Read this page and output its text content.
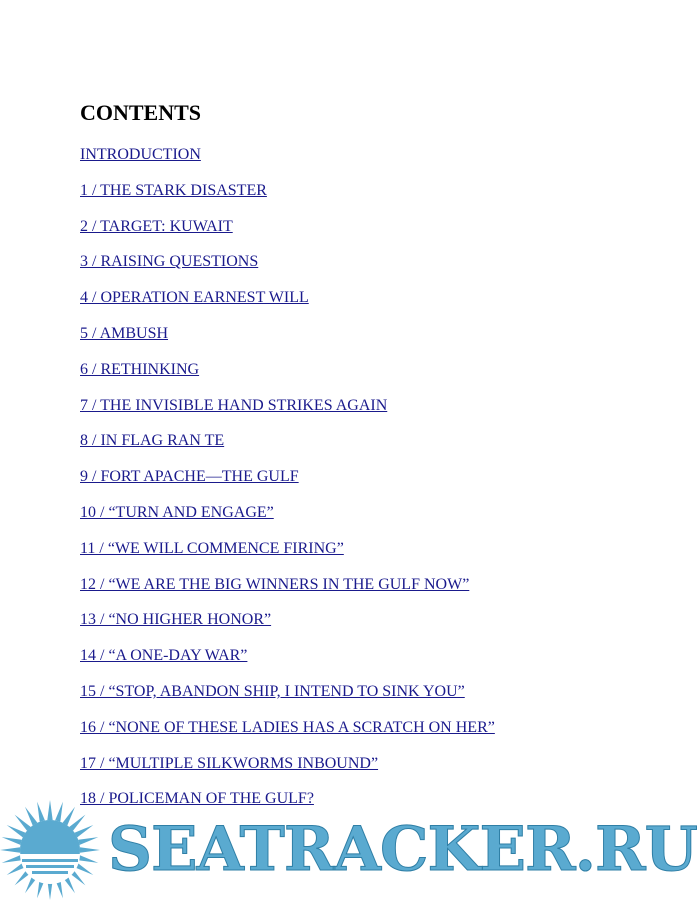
CONTENTS
INTRODUCTION
1 / THE STARK DISASTER
2 / TARGET: KUWAIT
3 / RAISING QUESTIONS
4 / OPERATION EARNEST WILL
5 / AMBUSH
6 / RETHINKING
7 / THE INVISIBLE HAND STRIKES AGAIN
8 / IN FLAG RAN TE
9 / FORT APACHE—THE GULF
10 / “TURN AND ENGAGE”
11 / “WE WILL COMMENCE FIRING”
12 / “WE ARE THE BIG WINNERS IN THE GULF NOW”
13 / “NO HIGHER HONOR”
14 / “A ONE-DAY WAR”
15 / “STOP, ABANDON SHIP, I INTEND TO SINK YOU”
16 / “NONE OF THESE LADIES HAS A SCRATCH ON HER”
17 / “MULTIPLE SILKWORMS INBOUND”
18 / POLICEMAN OF THE GULF?
SEATRACKER.RU
